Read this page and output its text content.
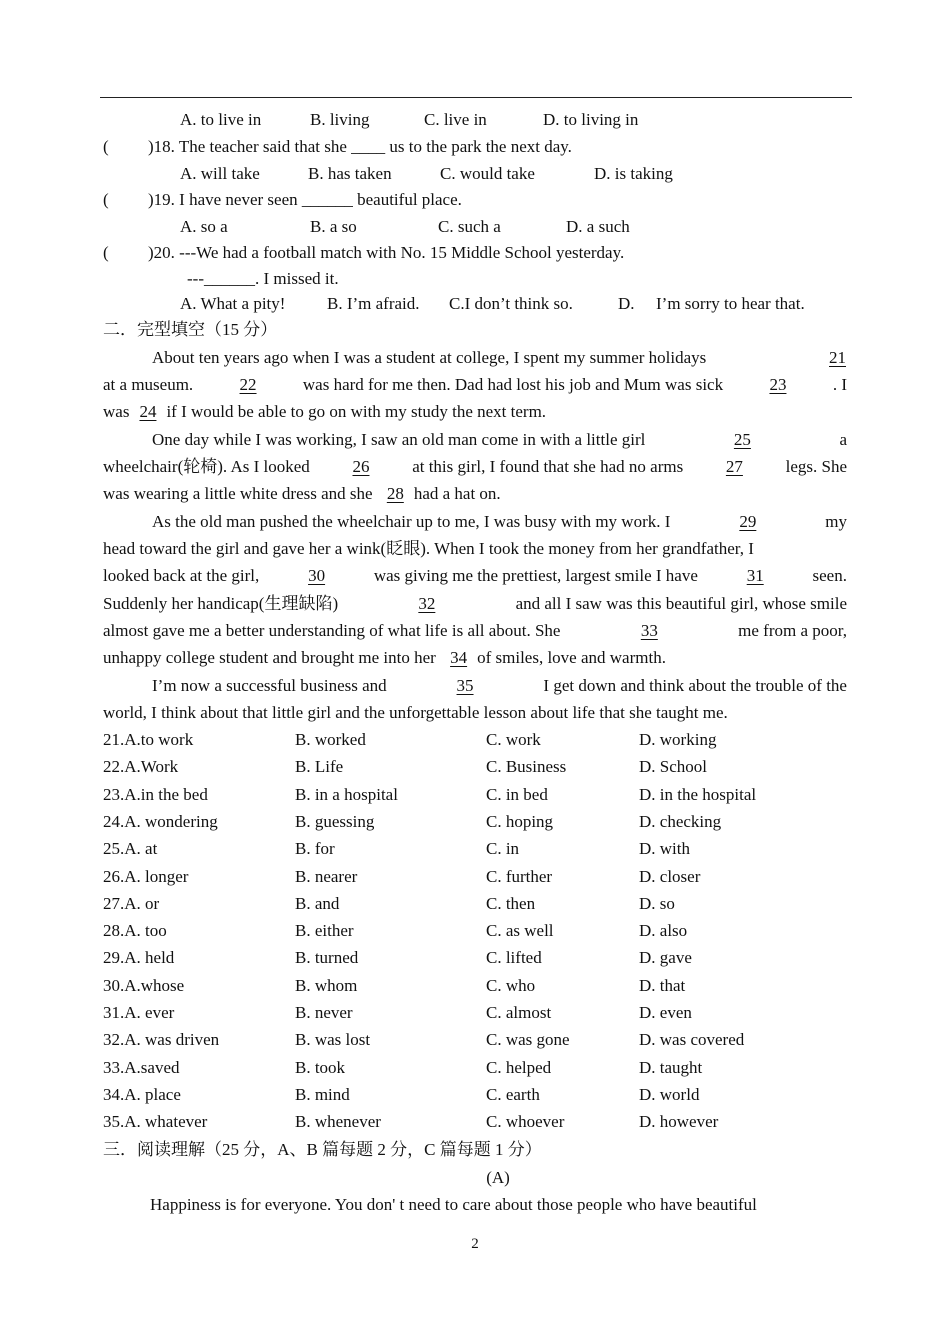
A. to live in	B. living	C. live in	D. to living in
( )18. The teacher said that she ____ us to the park the next day.
A. will take	B. has taken	C. would take	D. is taking
( )19. I have never seen ______ beautiful place.
A. so a	B. a so	C. such a	D. a such
( )20. ---We had a football match with No. 15 Middle School yesterday.
---______. I missed it.
A. What a pity! B. I’m afraid. C.I don’t think so.	D. I’m sorry to hear that.
二．完型填空（15 分）
About ten years ago when I was a student at college, I spent my summer holidays	21
at a museum.	22	was hard for me then. Dad had lost his job and Mum was sick	23	. I
was 24 if I would be able to go on with my study the next term.
One day while I was working, I saw an old man come in with a little girl	25	a
wheelchair(轮椅). As I looked	26	at this girl, I found that she had no arms	27	legs. She
was wearing a little white dress and she 28 had a hat on.
As the old man pushed the wheelchair up to me, I was busy with my work. I	29	my
head toward the girl and gave her a wink(眨眼). When I took the money from her grandfather, I
looked back at the girl,	30	was giving me the prettiest, largest smile I have	31	seen.
Suddenly her handicap(生理缺陷)	32	and all I saw was this beautiful girl, whose smile
almost gave me a better understanding of what life is all about. She	33	me from a poor,
unhappy college student and brought me into her 34 of smiles, love and warmth.
I’m now a successful business and	35	I get down and think about the trouble of the
world, I think about that little girl and the unforgettable lesson about life that she taught me.
21.A.to work	B. worked	C. work	D. working
22.A.Work	B. Life	C. Business	D. School
23.A.in the bed	B. in a hospital	C. in bed	D. in the hospital
24.A. wondering	B. guessing	C. hoping	D. checking
25.A. at	B. for	C. in	D. with
26.A. longer	B. nearer	C. further	D. closer
27.A. or	B. and	C. then	D. so
28.A. too	B. either	C. as well	D. also
29.A. held	B. turned	C. lifted	D. gave
30.A.whose	B. whom	C. who	D. that
31.A. ever	B. never	C. almost	D. even
32.A. was driven	B. was lost	C. was gone	D. was covered
33.A.saved	B. took	C. helped	D. taught
34.A. place	B. mind	C. earth	D. world
35.A. whatever	B. whenever	C. whoever	D. however
三．阅读理解（25 分，A、B 篇每题 2 分，C 篇每题 1 分）
(A)
Happiness is for everyone. You don' t need to care about those people who have beautiful
2
